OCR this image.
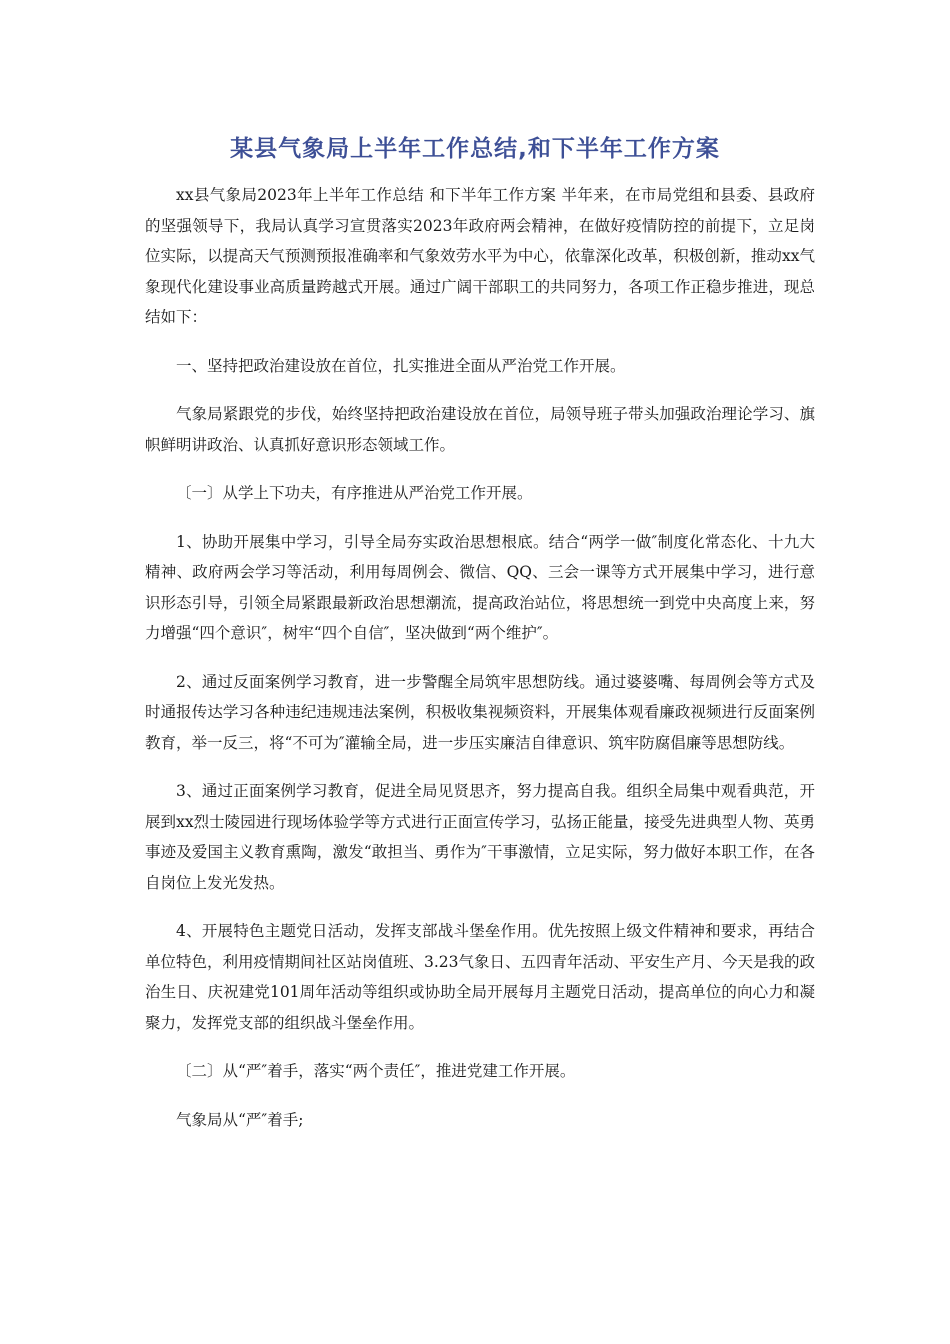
某县气象局上半年工作总结,和下半年工作方案

xx县气象局2023年上半年工作总结 和下半年工作方案 半年来，在市局党组和县委、县政府的坚强领导下，我局认真学习宣贯落实2023年政府两会精神，在做好疫情防控的前提下，立足岗位实际，以提高天气预测预报准确率和气象效劳水平为中心，依靠深化改革，积极创新，推动xx气象现代化建设事业高质量跨越式开展。通过广阔干部职工的共同努力，各项工作正稳步推进，现总结如下：

一、坚持把政治建设放在首位，扎实推进全面从严治党工作开展。

气象局紧跟党的步伐，始终坚持把政治建设放在首位，局领导班子带头加强政治理论学习、旗帜鲜明讲政治、认真抓好意识形态领域工作。

〔一〕从学上下功夫，有序推进从严治党工作开展。

1、协助开展集中学习，引导全局夯实政治思想根底。结合“两学一做″制度化常态化、十九大精神、政府两会学习等活动，利用每周例会、微信、QQ、三会一课等方式开展集中学习，进行意识形态引导，引领全局紧跟最新政治思想潮流，提高政治站位，将思想统一到党中央高度上来，努力增强“四个意识″，树牢“四个自信″，坚决做到“两个维护″。

2、通过反面案例学习教育，进一步警醒全局筑牢思想防线。通过婆婆嘴、每周例会等方式及时通报传达学习各种违纪违规违法案例，积极收集视频资料，开展集体观看廉政视频进行反面案例教育，举一反三，将“不可为″灌输全局，进一步压实廉洁自律意识、筑牢防腐倡廉等思想防线。

3、通过正面案例学习教育，促进全局见贤思齐，努力提高自我。组织全局集中观看典范，开展到xx烈士陵园进行现场体验学等方式进行正面宣传学习，弘扬正能量，接受先进典型人物、英勇事迹及爱国主义教育熏陶，激发“敢担当、勇作为″干事激情，立足实际，努力做好本职工作，在各自岗位上发光发热。

4、开展特色主题党日活动，发挥支部战斗堡垒作用。优先按照上级文件精神和要求，再结合单位特色，利用疫情期间社区站岗值班、3.23气象日、五四青年活动、平安生产月、今天是我的政治生日、庆祝建党101周年活动等组织或协助全局开展每月主题党日活动，提高单位的向心力和凝聚力，发挥党支部的组织战斗堡垒作用。

〔二〕从“严″着手，落实“两个责任″，推进党建工作开展。

气象局从“严″着手;
